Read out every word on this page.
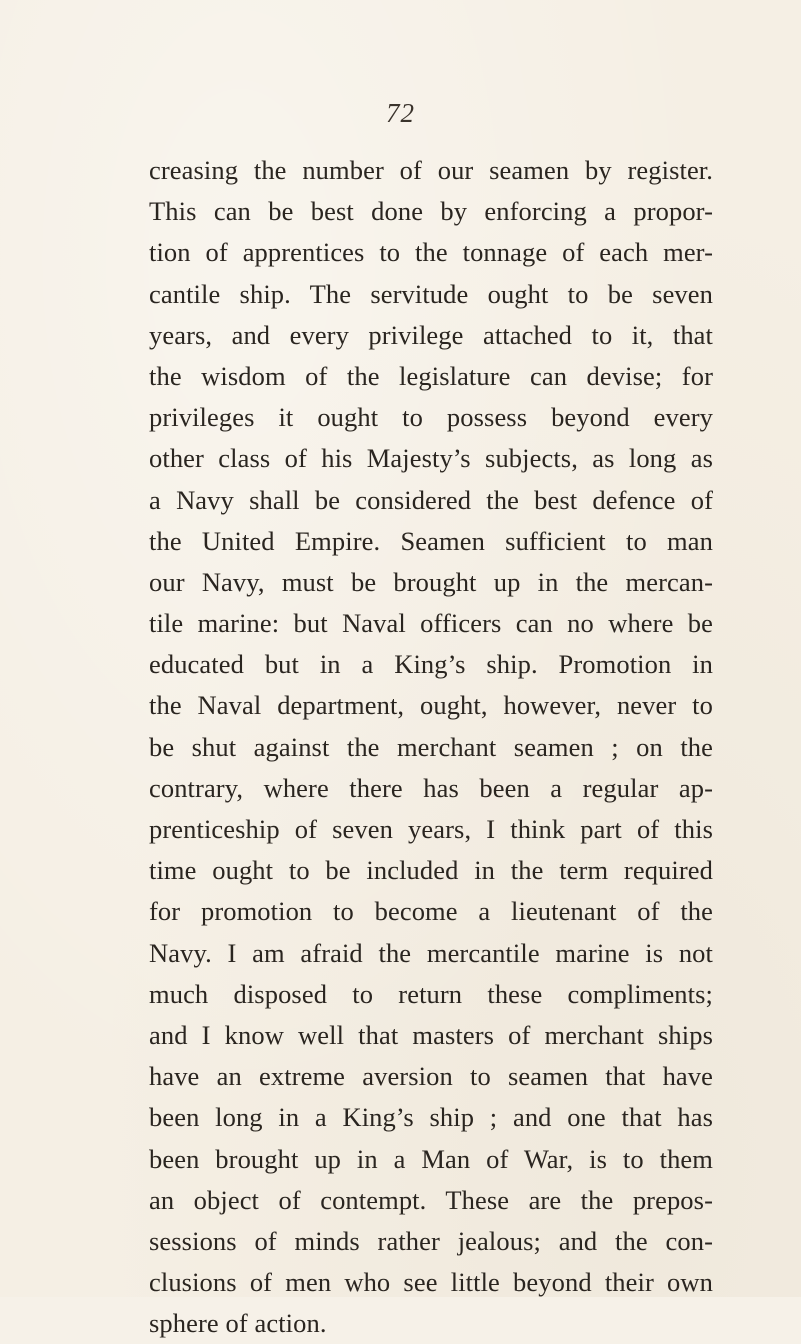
72
creasing the number of our seamen by register.
This can be best done by enforcing a propor-
tion of apprentices to the tonnage of each mer-
cantile ship. The servitude ought to be seven
years, and every privilege attached to it, that
the wisdom of the legislature can devise; for
privileges it ought to possess beyond every
other class of his Majesty’s subjects, as long as
a Navy shall be considered the best defence of
the United Empire. Seamen sufficient to man
our Navy, must be brought up in the mercan-
tile marine: but Naval officers can no where be
educated but in a King’s ship. Promotion in
the Naval department, ought, however, never to
be shut against the merchant seamen ; on the
contrary, where there has been a regular ap-
prenticeship of seven years, I think part of this
time ought to be included in the term required
for promotion to become a lieutenant of the
Navy. I am afraid the mercantile marine is not
much disposed to return these compliments;
and I know well that masters of merchant ships
have an extreme aversion to seamen that have
been long in a King’s ship ; and one that has
been brought up in a Man of War, is to them
an object of contempt. These are the prepos-
sessions of minds rather jealous; and the con-
clusions of men who see little beyond their own
sphere of action.
